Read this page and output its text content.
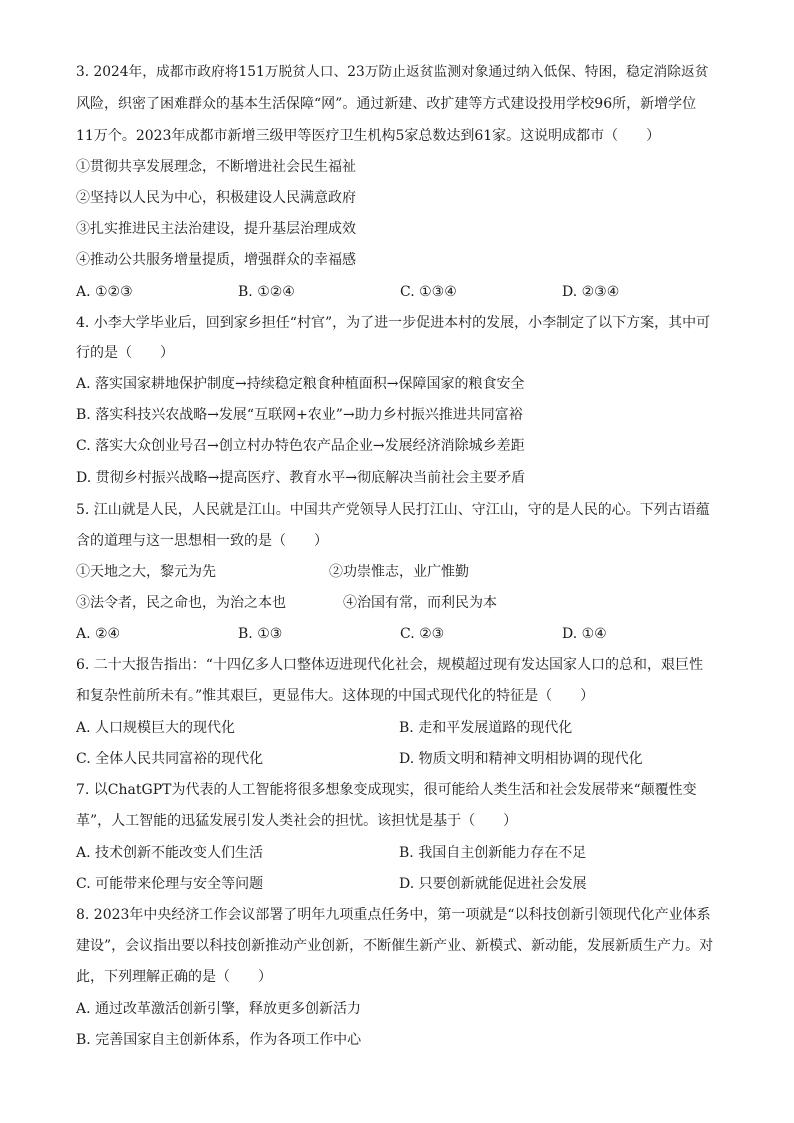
3. 2024年，成都市政府将151万脱贫人口、23万防止返贫监测对象通过纳入低保、特困，稳定消除返贫
风险，织密了困难群众的基本生活保障“网”。通过新建、改扩建等方式建设投用学校96所，新增学位
11万个。2023年成都市新增三级甲等医疗卫生机构5家总数达到61家。这说明成都市（　　）
①贯彻共享发展理念，不断增进社会民生福祉
②坚持以人民为中心，积极建设人民满意政府
③扎实推进民主法治建设，提升基层治理成效
④推动公共服务增量提质，增强群众的幸福感
A. ①②③	B. ①②④	C. ①③④	D. ②③④
4. 小李大学毕业后，回到家乡担任“村官”，为了进一步促进本村的发展，小李制定了以下方案，其中可
行的是（　　）
A. 落实国家耕地保护制度→持续稳定粮食种植面积→保障国家的粮食安全
B. 落实科技兴农战略→发展“互联网+农业”→助力乡村振兴推进共同富裕
C. 落实大众创业号召→创立村办特色农产品企业→发展经济消除城乡差距
D. 贯彻乡村振兴战略→提高医疗、教育水平→彻底解决当前社会主要矛盾
5. 江山就是人民，人民就是江山。中国共产党领导人民打江山、守江山，守的是人民的心。下列古语蕴
含的道理与这一思想相一致的是（　　）
①天地之大，黎元为先	②功崇惟志，业广惟勤
③法令者，民之命也，为治之本也	④治国有常，而利民为本
A. ②④	B. ①③	C. ②③	D. ①④
6. 二十大报告指出：“十四亿多人口整体迈进现代化社会，规模超过现有发达国家人口的总和，艰巨性
和复杂性前所未有。”惟其艰巨，更显伟大。这体现的中国式现代化的特征是（　　）
A. 人口规模巨大的现代化	B. 走和平发展道路的现代化
C. 全体人民共同富裕的现代化	D. 物质文明和精神文明相协调的现代化
7. 以ChatGPT为代表的人工智能将很多想象变成现实，很可能给人类生活和社会发展带来“颠覆性变
革”，人工智能的迅猛发展引发人类社会的担忧。该担忧是基于（　　）
A. 技术创新不能改变人们生活	B. 我国自主创新能力存在不足
C. 可能带来伦理与安全等问题	D. 只要创新就能促进社会发展
8. 2023年中央经济工作会议部署了明年九项重点任务中，第一项就是“以科技创新引领现代化产业体系
建设”，会议指出要以科技创新推动产业创新，不断催生新产业、新模式、新动能，发展新质生产力。对
此，下列理解正确的是（　　）
A. 通过改革激活创新引擎，释放更多创新活力
B. 完善国家自主创新体系，作为各项工作中心
